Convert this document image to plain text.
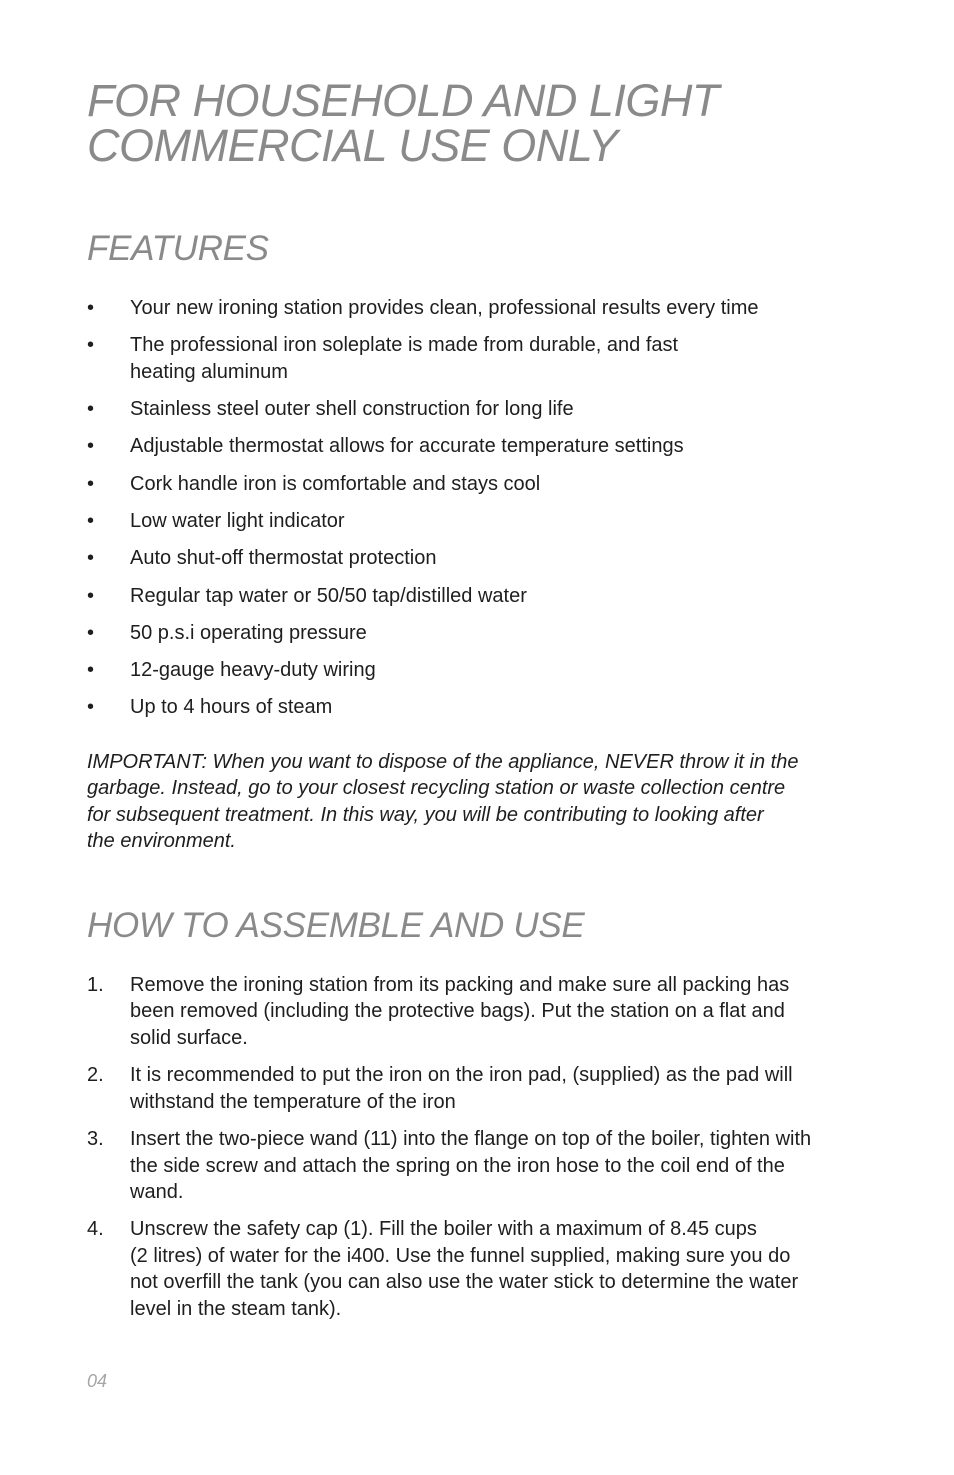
FOR HOUSEHOLD AND LIGHT
COMMERCIAL USE ONLY
FEATURES
•	Your new ironing station provides clean, professional results every time
•	The professional iron soleplate is made from durable, and fast
heating aluminum
•	Stainless steel outer shell construction for long life
•	Adjustable thermostat allows for accurate temperature settings
•	Cork handle iron is comfortable and stays cool
•	Low water light indicator
•	Auto shut-off thermostat protection
•	Regular tap water or 50/50 tap/distilled water
•	50 p.s.i operating pressure
•	12-gauge heavy-duty wiring
•	Up to 4 hours of steam

IMPORTANT: When you want to dispose of the appliance, NEVER throw it in the
garbage. Instead, go to your closest recycling station or waste collection centre
for subsequent treatment. In this way, you will be contributing to looking after
the environment.

HOW TO ASSEMBLE AND USE
1. Remove the ironing station from its packing and make sure all packing has
been removed (including the protective bags). Put the station on a flat and
solid surface.
2. It is recommended to put the iron on the iron pad, (supplied) as the pad will
withstand the temperature of the iron
3. Insert the two-piece wand (11) into the flange on top of the boiler, tighten with
the side screw and attach the spring on the iron hose to the coil end of the
wand.
4. Unscrew the safety cap (1). Fill the boiler with a maximum of 8.45 cups
(2 litres) of water for the i400. Use the funnel supplied, making sure you do
not overfill the tank (you can also use the water stick to determine the water
level in the steam tank).
04
